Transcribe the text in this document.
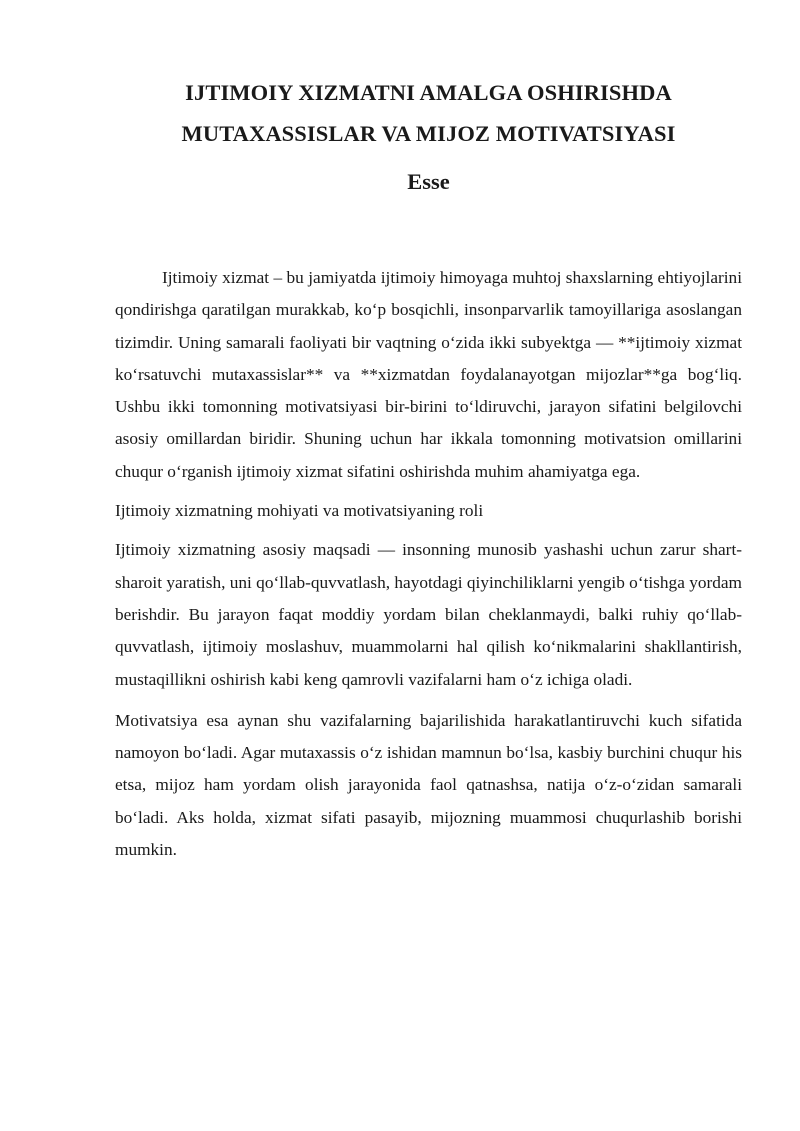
IJTIMOIY XIZMATNI AMALGA OSHIRISHDA
MUTAXASSISLAR VA MIJOZ MOTIVATSIYASI
Esse

Ijtimoiy xizmat – bu jamiyatda ijtimoiy himoyaga muhtoj shaxslarning ehtiyojlarini qondirishga qaratilgan murakkab, ko‘p bosqichli, insonparvarlik tamoyillariga asoslangan tizimdir. Uning samarali faoliyati bir vaqtning o‘zida ikki subyektga — **ijtimoiy xizmat ko‘rsatuvchi mutaxassislar** va **xizmatdan foydalanayotgan mijozlar**ga bog‘liq. Ushbu ikki tomonning motivatsiyasi bir-birini to‘ldiruvchi, jarayon sifatini belgilovchi asosiy omillardan biridir. Shuning uchun har ikkala tomonning motivatsion omillarini chuqur o‘rganish ijtimoiy xizmat sifatini oshirishda muhim ahamiyatga ega.

Ijtimoiy xizmatning mohiyati va motivatsiyaning roli

Ijtimoiy xizmatning asosiy maqsadi — insonning munosib yashashi uchun zarur shart-sharoit yaratish, uni qo‘llab-quvvatlash, hayotdagi qiyinchiliklarni yengib o‘tishga yordam berishdir. Bu jarayon faqat moddiy yordam bilan cheklanmaydi, balki ruhiy qo‘llab-quvvatlash, ijtimoiy moslashuv, muammolarni hal qilish ko‘nikmalarini shakllantirish, mustaqillikni oshirish kabi keng qamrovli vazifalarni ham o‘z ichiga oladi.

Motivatsiya esa aynan shu vazifalarning bajarilishida harakatlantiruvchi kuch sifatida namoyon bo‘ladi. Agar mutaxassis o‘z ishidan mamnun bo‘lsa, kasbiy burchini chuqur his etsa, mijoz ham yordam olish jarayonida faol qatnashsa, natija o‘z-o‘zidan samarali bo‘ladi. Aks holda, xizmat sifati pasayib, mijozning muammosi chuqurlashib borishi mumkin.
